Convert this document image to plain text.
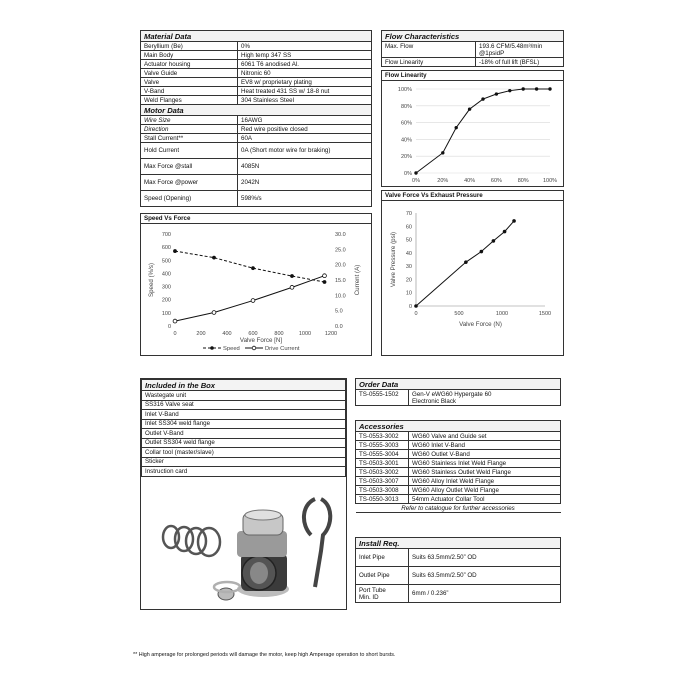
Material Data	
Beryllium (Be)	0%
Main Body	High temp 347 SS
Actuator housing	6061 T6 anodised Al.
Valve Guide	Nitronic 60
Valve	EV8 w/ proprietary plating
V-Band	Heat treated 431 SS w/ 18-8 nut
Weld Flanges	304 Stainless Steel
Motor Data	
Wire Size	16AWG
Direction	Red wire positive closed
Stall Current**	60A
Hold Current	0A (Short motor wire for braking)
Max Force @stall	4085N
Max Force @power	2042N
Speed (Opening)	598%/s
Speed Vs Force
0
100
200
300
400
500
600
700
0.0
5.0
10.0
15.0
20.0
25.0
30.0
0	200	400	600	800	1000	1200
Valve Force [N]
Speed (%/s)	Current (A)
Speed	Drive Current
Flow Characteristics	
Max. Flow	193.6 CFM/5.48m³/min
@1psidP
Flow Linearity	-18% of full lift (BFSL)
Flow Linearity
0%
20%
40%
60%
80%
100%
0%	20%	40%	60%	80%	100%
Valve Force Vs Exhaust Pressure
0
10
20
30
40
50
60
70
0	500	1000	1500
Valve Force (N)
Valve Pressure (psi)
Included in the Box
Wastegate unit
SS316 Valve seat
Inlet V-Band
Inlet SS304 weld flange
Outlet V-Band
Outlet SS304 weld flange
Collar tool (master/slave)
Sticker
Instruction card
Order Data
TS-0555-1502	Gen-V eWG60 Hypergate 60
Electronic Black
Accessories	
TS-0553-3002	WG60 Valve and Guide set
TS-0555-3003	WG60 Inlet V-Band
TS-0555-3004	WG60 Outlet V-Band
TS-0503-3001	WG60 Stainless Inlet Weld Flange
TS-0503-3002	WG60 Stainless Outlet Weld Flange
TS-0503-3007	WG60 Alloy Inlet Weld Flange
TS-0503-3008	WG60 Alloy Outlet Weld Flange
TS-0550-3013	54mm Actuator Collar Tool
Refer to catalogue for further accessories	
Install Req.	
Inlet Pipe	Suits 63.5mm/2.50” OD
Outlet Pipe	Suits 63.5mm/2.50” OD
Port Tube
Min. ID	6mm / 0.236”
** High amperage for prolonged periods will damage the motor, keep high Amperage operation to short bursts.
